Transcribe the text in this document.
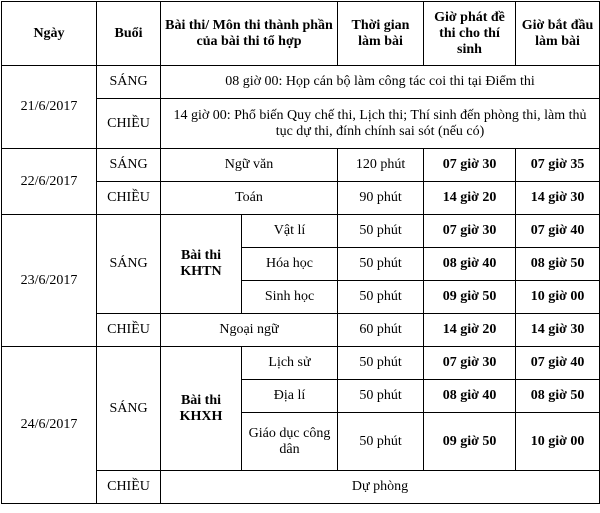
Ngày	Buổi	Bài thi/ Môn thi thành phần của bài thi tổ hợp		Thời gian làm bài	Giờ phát đề thi cho thí sinh	Giờ bắt đầu làm bài
21/6/2017	SÁNG	08 giờ 00: Họp cán bộ làm công tác coi thi tại Điểm thi				
	CHIỀU	14 giờ 00: Phổ biến Quy chế thi, Lịch thi; Thí sinh đến phòng thi, làm thủ tục dự thi, đính chính sai sót (nếu có)				
22/6/2017	SÁNG	Ngữ văn		120 phút	07 giờ 30	07 giờ 35
	CHIỀU	Toán		90 phút	14 giờ 20	14 giờ 30
23/6/2017	SÁNG	Bài thi KHTN	Vật lí	50 phút	07 giờ 30	07 giờ 40
			Hóa học	50 phút	08 giờ 40	08 giờ 50
			Sinh học	50 phút	09 giờ 50	10 giờ 00
	CHIỀU	Ngoại ngữ		60 phút	14 giờ 20	14 giờ 30
24/6/2017	SÁNG	Bài thi KHXH	Lịch sử	50 phút	07 giờ 30	07 giờ 40
			Địa lí	50 phút	08 giờ 40	08 giờ 50
			Giáo dục công dân	50 phút	09 giờ 50	10 giờ 00
	CHIỀU	Dự phòng				
